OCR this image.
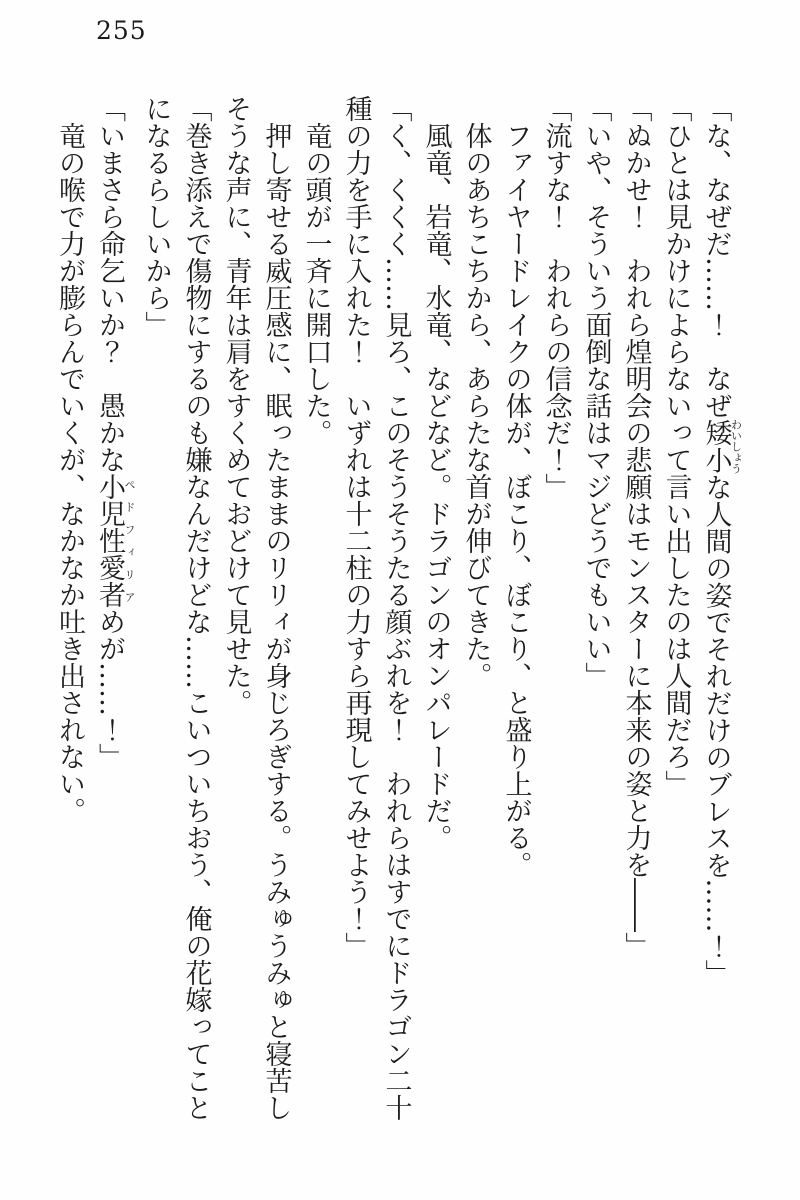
255

「な、なぜだ……！　なぜ矮小わいしょうな人間の姿でそれだけのブレスを……！」

「ひとは見かけによらないって言い出したのは人間だろ」

「ぬかせ！　われら煌明会の悲願はモンスターに本来の姿と力を――」

「いや、そういう面倒な話はマジどうでもいい」

「流すな！　われらの信念だ！」

ファイヤードレイクの体が、ぼこり、ぼこり、と盛り上がる。

体のあちこちから、あらたな首が伸びてきた。

風竜、岩竜、水竜、などなど。ドラゴンのオンパレードだ。

「く、くくく……見ろ、このそうそうたる顔ぶれを！　われらはすでにドラゴン二十

種の力を手に入れた！　いずれは十二柱の力すら再現してみせよう！」

竜の頭が一斉に開口した。

押し寄せる威圧感に、眠ったままのリリィが身じろぎする。うみゅうみゅと寝苦し

そうな声に、青年は肩をすくめておどけて見せた。

「巻き添えで傷物にするのも嫌なんだけどな……こいついちおう、俺の花嫁ってこと

になるらしいから」

「いまさら命乞いか？　愚かな小児性愛者ペドフィリアめが……！」

竜の喉で力が膨らんでいくが、なかなか吐き出されない。
